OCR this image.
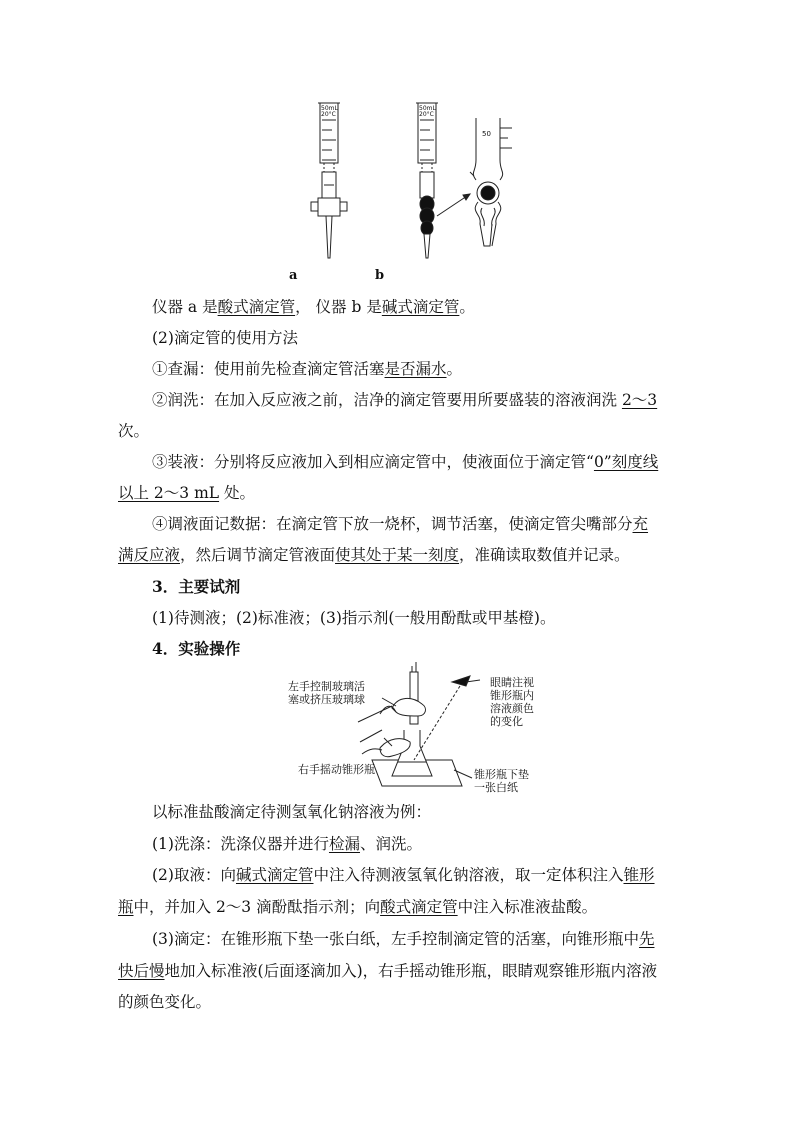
50mL
20°C
50mL
20°C
50
a	b
仪器 a 是酸式滴定管， 仪器 b 是碱式滴定管。
(2)滴定管的使用方法
①查漏：使用前先检查滴定管活塞是否漏水。
②润洗：在加入反应液之前，洁净的滴定管要用所要盛装的溶液润洗 2～3
次。
③装液：分别将反应液加入到相应滴定管中，使液面位于滴定管“0”刻度线
以上 2～3 mL 处。
④调液面记数据：在滴定管下放一烧杯，调节活塞，使滴定管尖嘴部分充
满反应液，然后调节滴定管液面使其处于某一刻度，准确读取数值并记录。
3．主要试剂
(1)待测液；(2)标准液；(3)指示剂(一般用酚酞或甲基橙)。
4．实验操作
左手控制玻璃活
塞或挤压玻璃球
右手摇动锥形瓶
眼睛注视
锥形瓶内
溶液颜色
的变化
锥形瓶下垫
一张白纸
以标准盐酸滴定待测氢氧化钠溶液为例：
(1)洗涤：洗涤仪器并进行检漏、润洗。
(2)取液：向碱式滴定管中注入待测液氢氧化钠溶液，取一定体积注入锥形
瓶中，并加入 2～3 滴酚酞指示剂；向酸式滴定管中注入标准液盐酸。
(3)滴定：在锥形瓶下垫一张白纸，左手控制滴定管的活塞，向锥形瓶中先
快后慢地加入标准液(后面逐滴加入)，右手摇动锥形瓶，眼睛观察锥形瓶内溶液
的颜色变化。
